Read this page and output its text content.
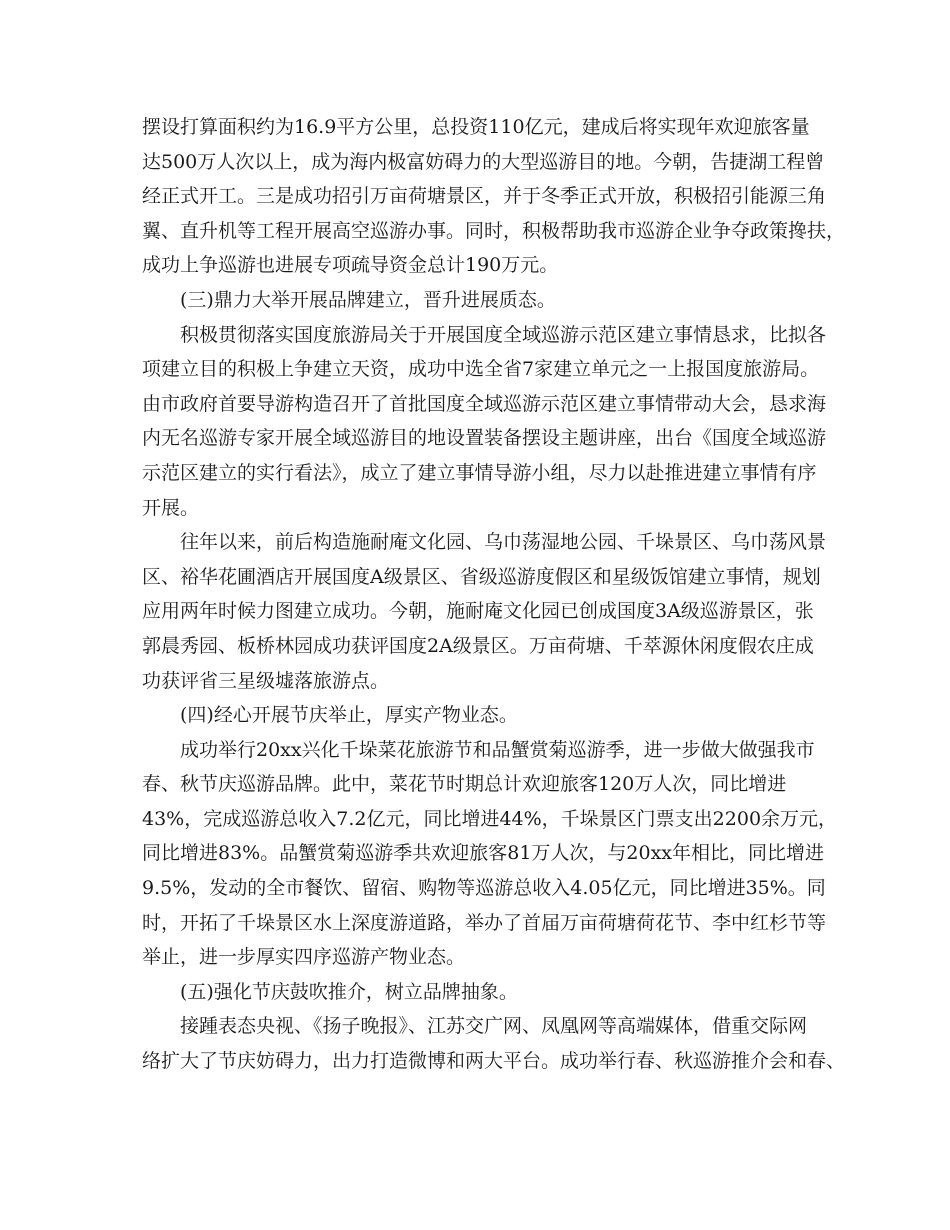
摆设打算面积约为16.9平方公里，总投资110亿元，建成后将实现年欢迎旅客量
达500万人次以上，成为海内极富妨碍力的大型巡游目的地。今朝，告捷湖工程曾
经正式开工。三是成功招引万亩荷塘景区，并于冬季正式开放，积极招引能源三角
翼、直升机等工程开展高空巡游办事。同时，积极帮助我市巡游企业争夺政策搀扶，
成功上争巡游也进展专项疏导资金总计190万元。
(三)鼎力大举开展品牌建立，晋升进展质态。
积极贯彻落实国度旅游局关于开展国度全域巡游示范区建立事情恳求，比拟各
项建立目的积极上争建立天资，成功中选全省7家建立单元之一上报国度旅游局。
由市政府首要导游构造召开了首批国度全域巡游示范区建立事情带动大会，恳求海
内无名巡游专家开展全域巡游目的地设置装备摆设主题讲座，出台《国度全域巡游
示范区建立的实行看法》，成立了建立事情导游小组，尽力以赴推进建立事情有序
开展。
往年以来，前后构造施耐庵文化园、乌巾荡湿地公园、千垛景区、乌巾荡风景
区、裕华花圃酒店开展国度A级景区、省级巡游度假区和星级饭馆建立事情，规划
应用两年时候力图建立成功。今朝，施耐庵文化园已创成国度3A级巡游景区，张
郭晨秀园、板桥林园成功获评国度2A级景区。万亩荷塘、千萃源休闲度假农庄成
功获评省三星级墟落旅游点。
(四)经心开展节庆举止，厚实产物业态。
成功举行20xx兴化千垛菜花旅游节和品蟹赏菊巡游季，进一步做大做强我市
春、秋节庆巡游品牌。此中，菜花节时期总计欢迎旅客120万人次，同比增进
43%，完成巡游总收入7.2亿元，同比增进44%，千垛景区门票支出2200余万元，
同比增进83%。品蟹赏菊巡游季共欢迎旅客81万人次，与20xx年相比，同比增进
9.5%，发动的全市餐饮、留宿、购物等巡游总收入4.05亿元，同比增进35%。同
时，开拓了千垛景区水上深度游道路，举办了首届万亩荷塘荷花节、李中红杉节等
举止，进一步厚实四序巡游产物业态。
(五)强化节庆鼓吹推介，树立品牌抽象。
接踵表态央视、《扬子晚报》、江苏交广网、凤凰网等高端媒体，借重交际网
络扩大了节庆妨碍力，出力打造微博和两大平台。成功举行春、秋巡游推介会和春、
